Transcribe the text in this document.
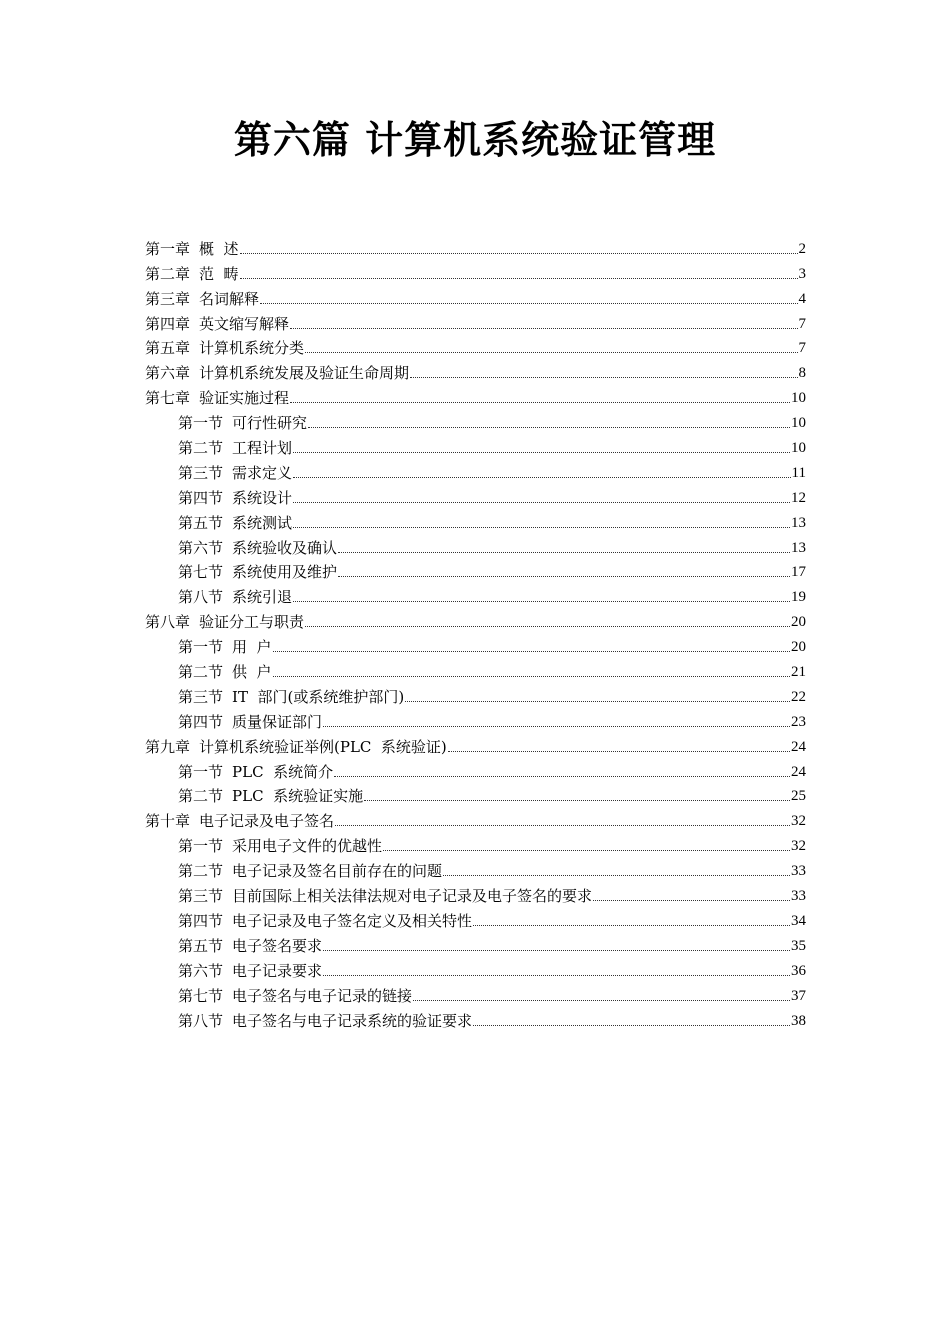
第六篇 计算机系统验证管理
第一章 概  述	2
第二章 范  畴	3
第三章 名词解释	4
第四章 英文缩写解释	7
第五章 计算机系统分类	7
第六章 计算机系统发展及验证生命周期	8
第七章 验证实施过程	10
第一节 可行性研究	10
第二节 工程计划	10
第三节 需求定义	11
第四节 系统设计	12
第五节 系统测试	13
第六节 系统验收及确认	13
第七节 系统使用及维护	17
第八节 系统引退	19
第八章 验证分工与职责	20
第一节 用  户	20
第二节 供  户	21
第三节 IT  部门(或系统维护部门)	22
第四节 质量保证部门	23
第九章 计算机系统验证举例(PLC  系统验证)	24
第一节 PLC  系统简介	24
第二节 PLC  系统验证实施	25
第十章 电子记录及电子签名	32
第一节 采用电子文件的优越性	32
第二节 电子记录及签名目前存在的问题	33
第三节 目前国际上相关法律法规对电子记录及电子签名的要求	33
第四节 电子记录及电子签名定义及相关特性	34
第五节 电子签名要求	35
第六节 电子记录要求	36
第七节 电子签名与电子记录的链接	37
第八节 电子签名与电子记录系统的验证要求	38
